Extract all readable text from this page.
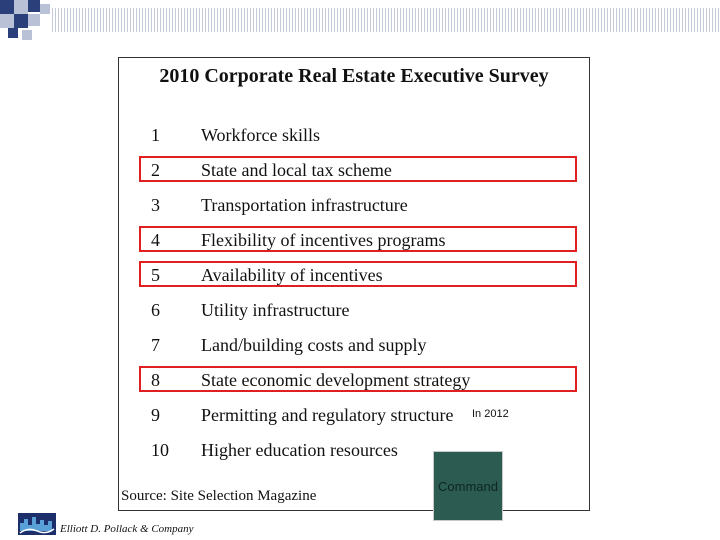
2010 Corporate Real Estate Executive Survey
1 Workforce skills
2 State and local tax scheme
3 Transportation infrastructure
4 Flexibility of incentives programs
5 Availability of incentives
6 Utility infrastructure
7 Land/building costs and supply
8 State economic development strategy
9 Permitting and regulatory structure
10 Higher education resources
Source: Site Selection Magazine
In 2012
Command
Elliott D. Pollack & Company
